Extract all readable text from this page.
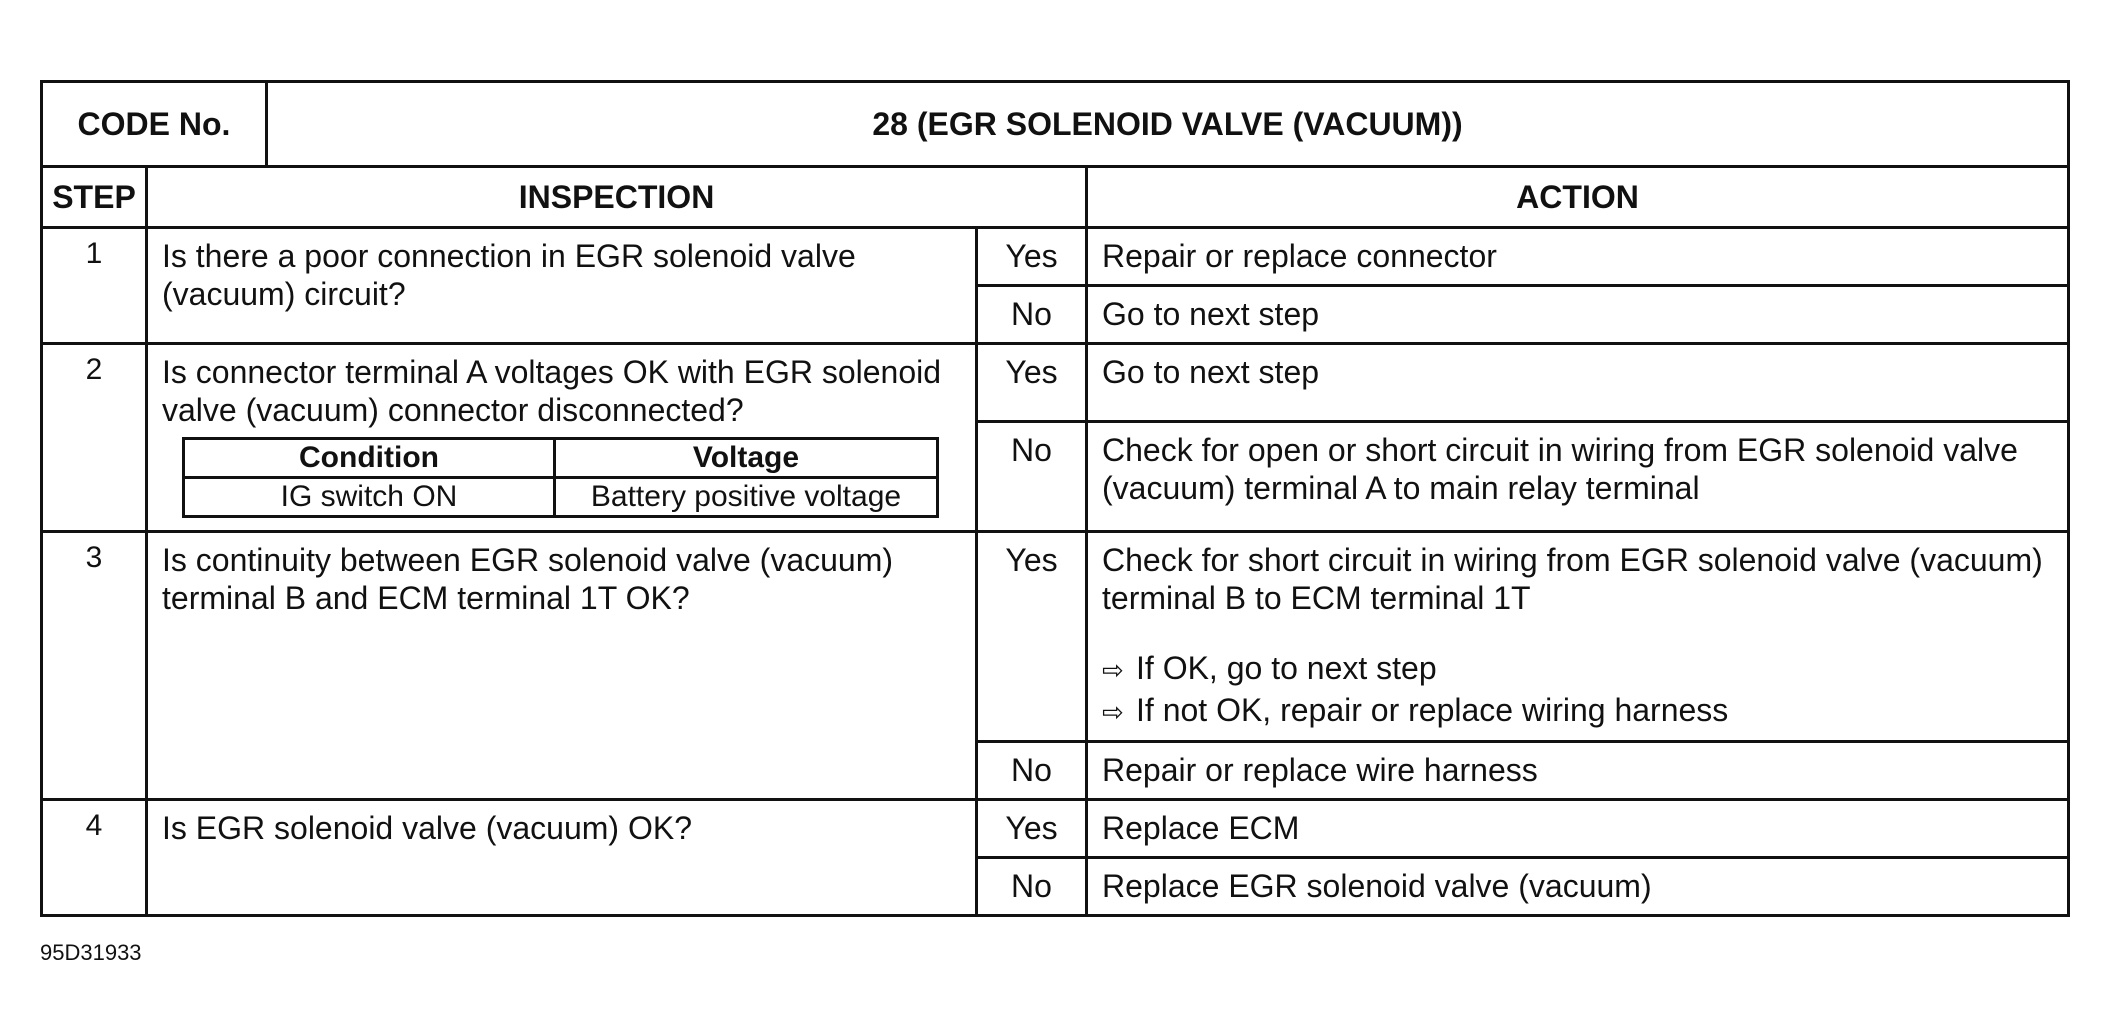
CODE No.	28 (EGR SOLENOID VALVE (VACUUM))
STEP	INSPECTION	ACTION
1	Is there a poor connection in EGR solenoid valve (vacuum) circuit?	Yes	Repair or replace connector
No	Go to next step
2	Is connector terminal A voltages OK with EGR solenoid valve (vacuum) connector disconnected?
Condition	Voltage
IG switch ON	Battery positive voltage
	Yes	Go to next step
No	Check for open or short circuit in wiring from EGR solenoid valve (vacuum) terminal A to main relay terminal
3	Is continuity between EGR solenoid valve (vacuum) terminal B and ECM terminal 1T OK?	Yes	Check for short circuit in wiring from EGR solenoid valve (vacuum) terminal B to ECM terminal 1T
⇨ If OK, go to next step
⇨ If not OK, repair or replace wiring harness

No	Repair or replace wire harness
4	Is EGR solenoid valve (vacuum) OK?	Yes	Replace ECM
No	Replace EGR solenoid valve (vacuum)
95D31933
